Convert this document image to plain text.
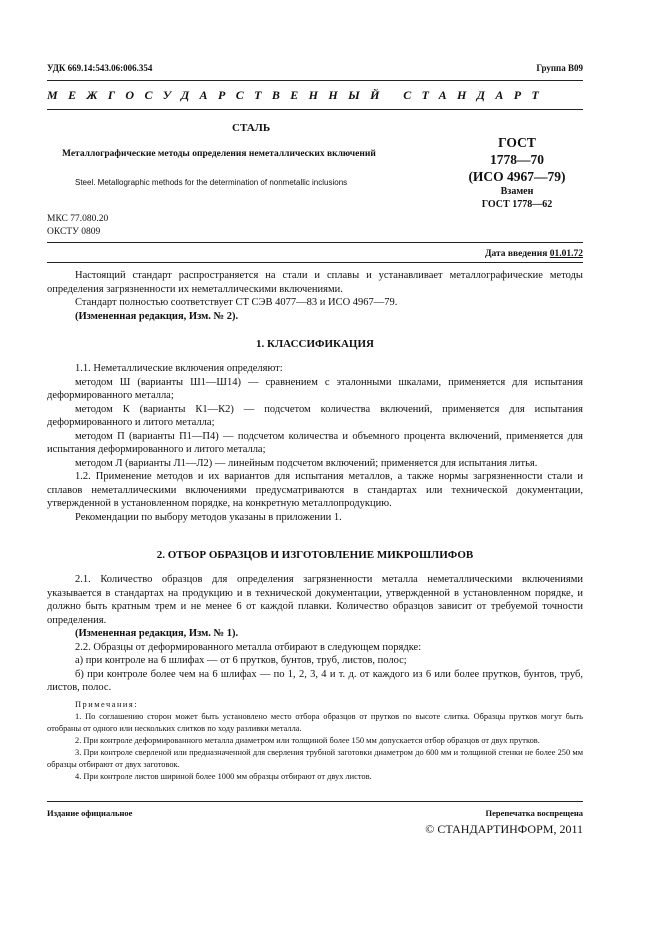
УДК 669.14:543.06:006.354	Группа В09
МЕЖГОСУДАРСТВЕННЫЙ СТАНДАРТ
СТАЛЬ
Металлографические методы определения неметаллических включений
Steel. Metallographic methods for the determination of nonmetallic inclusions
ГОСТ
1778—70
(ИСО 4967—79)
Взамен
ГОСТ 1778—62
МКС 77.080.20
ОКСТУ 0809
Дата введения 01.01.72

Настоящий стандарт распространяется на стали и сплавы и устанавливает металлографические методы определения загрязненности их неметаллическими включениями.

Стандарт полностью соответствует СТ СЭВ 4077—83 и ИСО 4967—79.

(Измененная редакция, Изм. № 2).

1. КЛАССИФИКАЦИЯ

1.1. Неметаллические включения определяют:

методом Ш (варианты Ш1—Ш14) — сравнением с эталонными шкалами, применяется для испытания деформированного металла;

методом К (варианты К1—К2) — подсчетом количества включений, применяется для испытания деформированного и литого металла;

методом П (варианты П1—П4) — подсчетом количества и объемного процента включений, применяется для испытания деформированного и литого металла;

методом Л (варианты Л1—Л2) — линейным подсчетом включений; применяется для испытания литья.

1.2. Применение методов и их вариантов для испытания металлов, а также нормы загрязненности стали и сплавов неметаллическими включениями предусматриваются в стандартах или технической документации, утвержденной в установленном порядке, на конкретную металлопродукцию.

Рекомендации по выбору методов указаны в приложении 1.

2. ОТБОР ОБРАЗЦОВ И ИЗГОТОВЛЕНИЕ МИКРОШЛИФОВ

2.1. Количество образцов для определения загрязненности металла неметаллическими включениями указывается в стандартах на продукцию и в технической документации, утвержденной в установленном порядке, и должно быть кратным трем и не менее 6 от каждой плавки. Количество образцов зависит от требуемой точности определения.

(Измененная редакция, Изм. № 1).

2.2. Образцы от деформированного металла отбирают в следующем порядке:

а) при контроле на 6 шлифах — от 6 прутков, бунтов, труб, листов, полос;

б) при контроле более чем на 6 шлифах — по 1, 2, 3, 4 и т. д. от каждого из 6 или более прутков, бунтов, труб, листов, полос.

Примечания:

1. По соглашению сторон может быть установлено место отбора образцов от прутков по высоте слитка. Образцы прутков могут быть отобраны от одного или нескольких слитков по ходу разливки металла.

2. При контроле деформированного металла диаметром или толщиной более 150 мм допускается отбор образцов от двух прутков.

3. При контроле сверленой или предназначенной для сверления трубной заготовки диаметром до 600 мм и толщиной стенки не более 250 мм образцы отбирают от двух заготовок.

4. При контроле листов шириной более 1000 мм образцы отбирают от двух листов.

Издание официальное	Перепечатка воспрещена
© СТАНДАРТИНФОРМ, 2011
